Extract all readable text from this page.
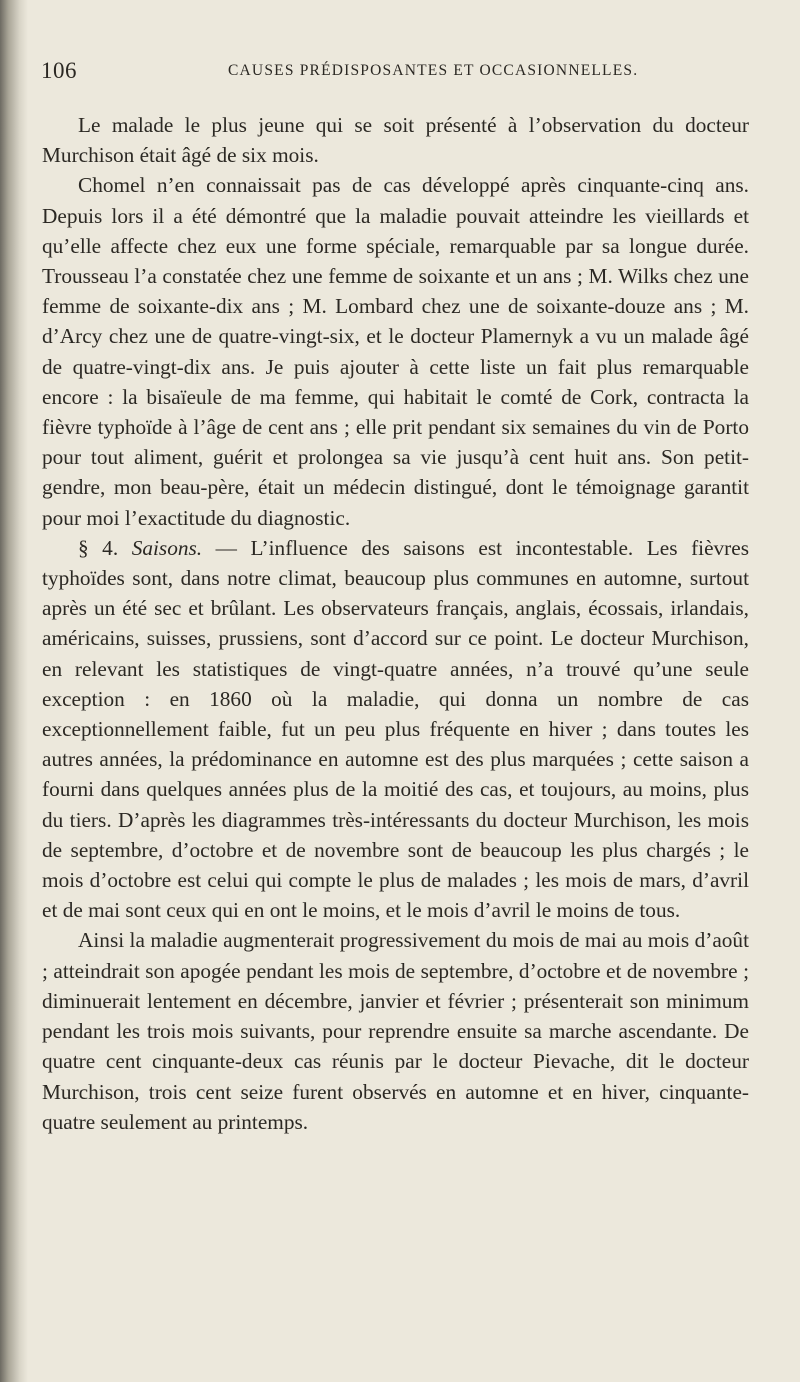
106	CAUSES PRÉDISPOSANTES ET OCCASIONNELLES.

Le malade le plus jeune qui se soit présenté à l’observation du docteur Murchison était âgé de six mois.

Chomel n’en connaissait pas de cas développé après cinquante-cinq ans. Depuis lors il a été démontré que la maladie pouvait atteindre les vieillards et qu’elle affecte chez eux une forme spéciale, remarquable par sa longue durée. Trousseau l’a constatée chez une femme de soixante et un ans ; M. Wilks chez une femme de soixante-dix ans ; M. Lombard chez une de soixante-douze ans ; M. d’Arcy chez une de quatre-vingt-six, et le docteur Plamernyk a vu un malade âgé de quatre-vingt-dix ans. Je puis ajouter à cette liste un fait plus remarquable encore : la bisaïeule de ma femme, qui habitait le comté de Cork, contracta la fièvre typhoïde à l’âge de cent ans ; elle prit pendant six semaines du vin de Porto pour tout aliment, guérit et prolongea sa vie jusqu’à cent huit ans. Son petit-gendre, mon beau-père, était un médecin distingué, dont le témoignage garantit pour moi l’exactitude du diagnostic.

§ 4. Saisons. — L’influence des saisons est incontestable. Les fièvres typhoïdes sont, dans notre climat, beaucoup plus communes en automne, surtout après un été sec et brûlant. Les observateurs français, anglais, écossais, irlandais, américains, suisses, prussiens, sont d’accord sur ce point. Le docteur Murchison, en relevant les statistiques de vingt-quatre années, n’a trouvé qu’une seule exception : en 1860 où la maladie, qui donna un nombre de cas exceptionnellement faible, fut un peu plus fréquente en hiver ; dans toutes les autres années, la prédominance en automne est des plus marquées ; cette saison a fourni dans quelques années plus de la moitié des cas, et toujours, au moins, plus du tiers. D’après les diagrammes très-intéressants du docteur Murchison, les mois de septembre, d’octobre et de novembre sont de beaucoup les plus chargés ; le mois d’octobre est celui qui compte le plus de malades ; les mois de mars, d’avril et de mai sont ceux qui en ont le moins, et le mois d’avril le moins de tous.

Ainsi la maladie augmenterait progressivement du mois de mai au mois d’août ; atteindrait son apogée pendant les mois de septembre, d’octobre et de novembre ; diminuerait lentement en décembre, janvier et février ; présenterait son minimum pendant les trois mois suivants, pour reprendre ensuite sa marche ascendante. De quatre cent cinquante-deux cas réunis par le docteur Pievache, dit le docteur Murchison, trois cent seize furent observés en automne et en hiver, cinquante-quatre seulement au printemps.
